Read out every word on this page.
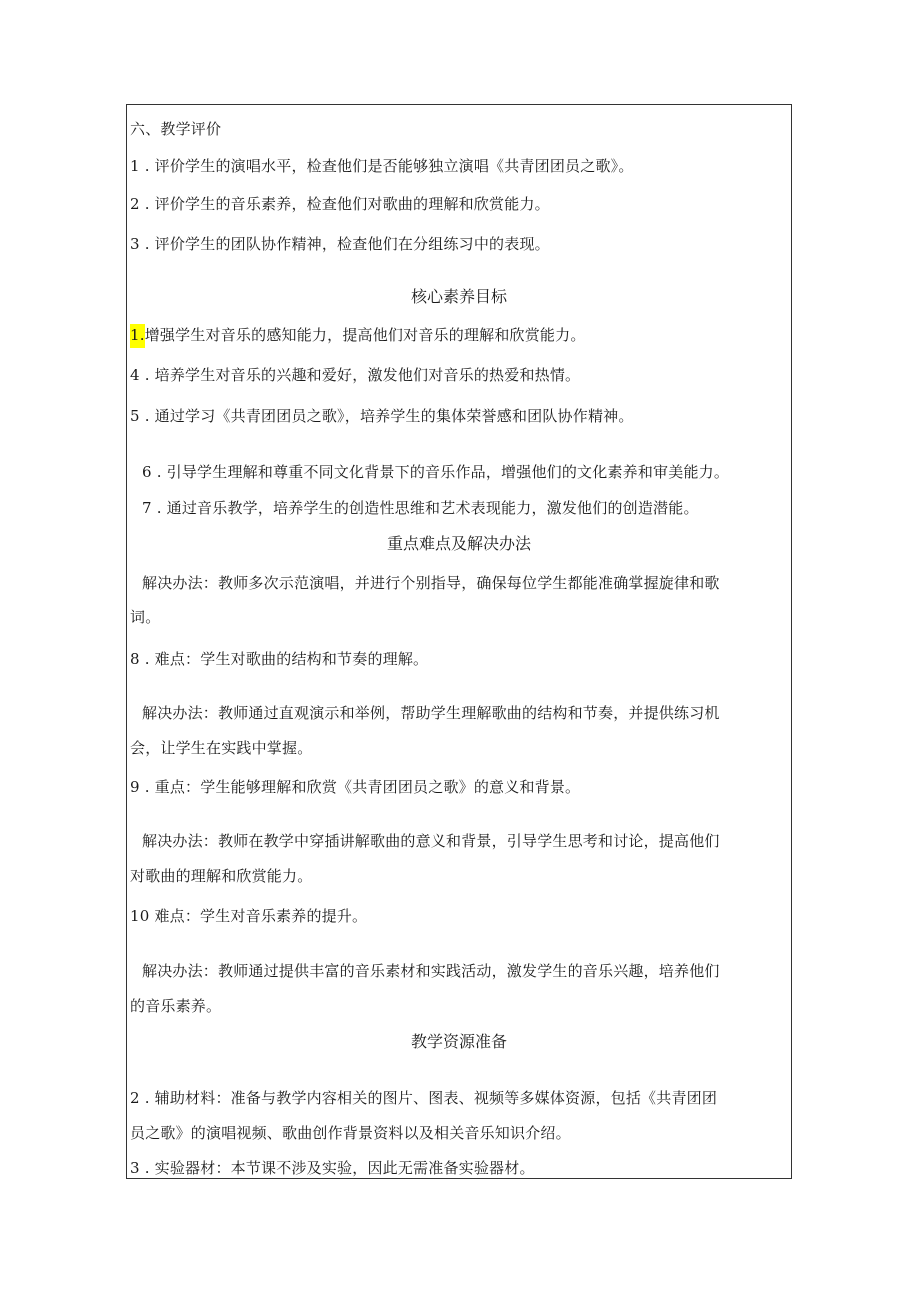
六、教学评价
1 . 评价学生的演唱水平，检查他们是否能够独立演唱《共青团团员之歌》。
2 . 评价学生的音乐素养，检查他们对歌曲的理解和欣赏能力。
3 . 评价学生的团队协作精神，检查他们在分组练习中的表现。
核心素养目标
1.增强学生对音乐的感知能力，提高他们对音乐的理解和欣赏能力。
4 . 培养学生对音乐的兴趣和爱好，激发他们对音乐的热爱和热情。
5 . 通过学习《共青团团员之歌》，培养学生的集体荣誉感和团队协作精神。
6 . 引导学生理解和尊重不同文化背景下的音乐作品，增强他们的文化素养和审美能力。
7 . 通过音乐教学，培养学生的创造性思维和艺术表现能力，激发他们的创造潜能。
重点难点及解决办法
解决办法：教师多次示范演唱，并进行个别指导，确保每位学生都能准确掌握旋律和歌
词。
8 . 难点：学生对歌曲的结构和节奏的理解。
解决办法：教师通过直观演示和举例，帮助学生理解歌曲的结构和节奏，并提供练习机
会，让学生在实践中掌握。
9 . 重点：学生能够理解和欣赏《共青团团员之歌》的意义和背景。
解决办法：教师在教学中穿插讲解歌曲的意义和背景，引导学生思考和讨论，提高他们
对歌曲的理解和欣赏能力。
10 难点：学生对音乐素养的提升。
解决办法：教师通过提供丰富的音乐素材和实践活动，激发学生的音乐兴趣，培养他们
的音乐素养。
教学资源准备
2 . 辅助材料：准备与教学内容相关的图片、图表、视频等多媒体资源，包括《共青团团
员之歌》的演唱视频、歌曲创作背景资料以及相关音乐知识介绍。
3 . 实验器材：本节课不涉及实验，因此无需准备实验器材。
